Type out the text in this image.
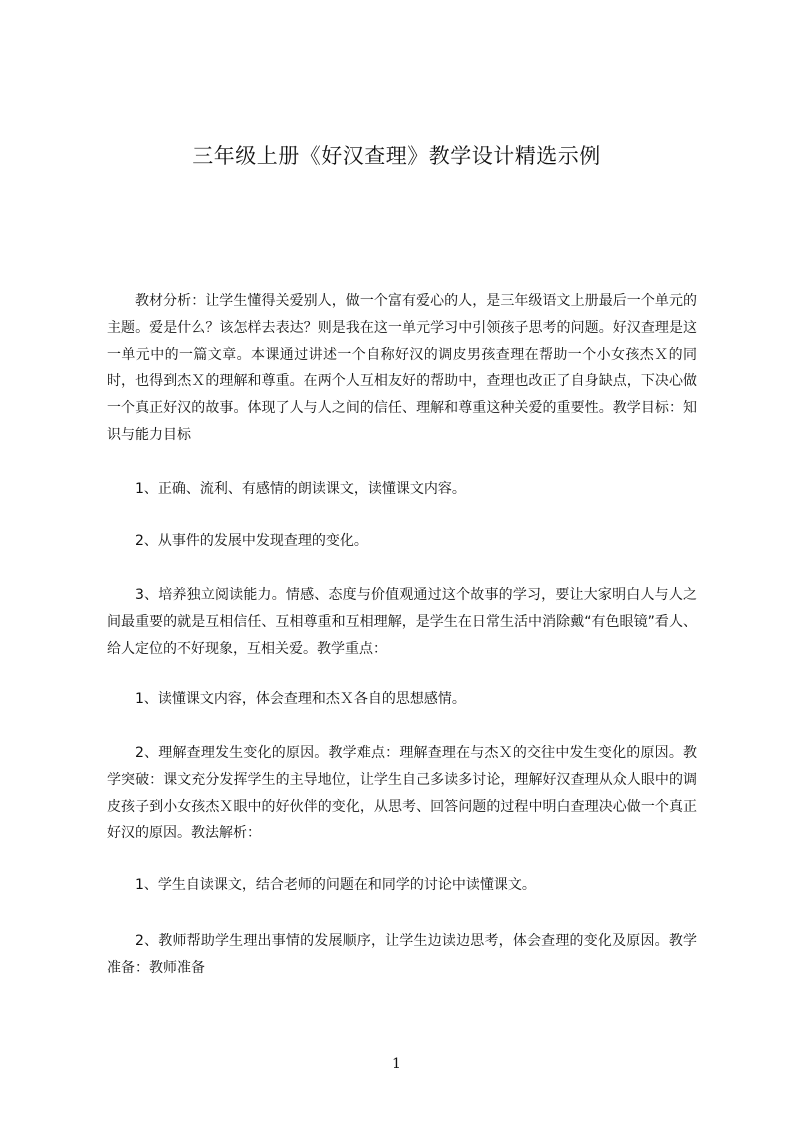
三年级上册《好汉查理》教学设计精选示例

教材分析：让学生懂得关爱别人，做一个富有爱心的人，是三年级语文上册最后一个单元的主题。爱是什么？该怎样去表达？则是我在这一单元学习中引领孩子思考的问题。好汉查理是这一单元中的一篇文章。本课通过讲述一个自称好汉的调皮男孩查理在帮助一个小女孩杰Ｘ的同时，也得到杰Ｘ的理解和尊重。在两个人互相友好的帮助中，查理也改正了自身缺点，下决心做一个真正好汉的故事。体现了人与人之间的信任、理解和尊重这种关爱的重要性。教学目标：知识与能力目标

1、正确、流利、有感情的朗读课文，读懂课文内容。

2、从事件的发展中发现查理的变化。

3、培养独立阅读能力。情感、态度与价值观通过这个故事的学习，要让大家明白人与人之间最重要的就是互相信任、互相尊重和互相理解，是学生在日常生活中消除戴“有色眼镜”看人、给人定位的不好现象，互相关爱。教学重点：

1、读懂课文内容，体会查理和杰Ｘ各自的思想感情。

2、理解查理发生变化的原因。教学难点：理解查理在与杰Ｘ的交往中发生变化的原因。教学突破：课文充分发挥学生的主导地位，让学生自己多读多讨论，理解好汉查理从众人眼中的调皮孩子到小女孩杰Ｘ眼中的好伙伴的变化，从思考、回答问题的过程中明白查理决心做一个真正好汉的原因。教法解析：

1、学生自读课文，结合老师的问题在和同学的讨论中读懂课文。

2、教师帮助学生理出事情的发展顺序，让学生边读边思考，体会查理的变化及原因。教学准备：教师准备

1
